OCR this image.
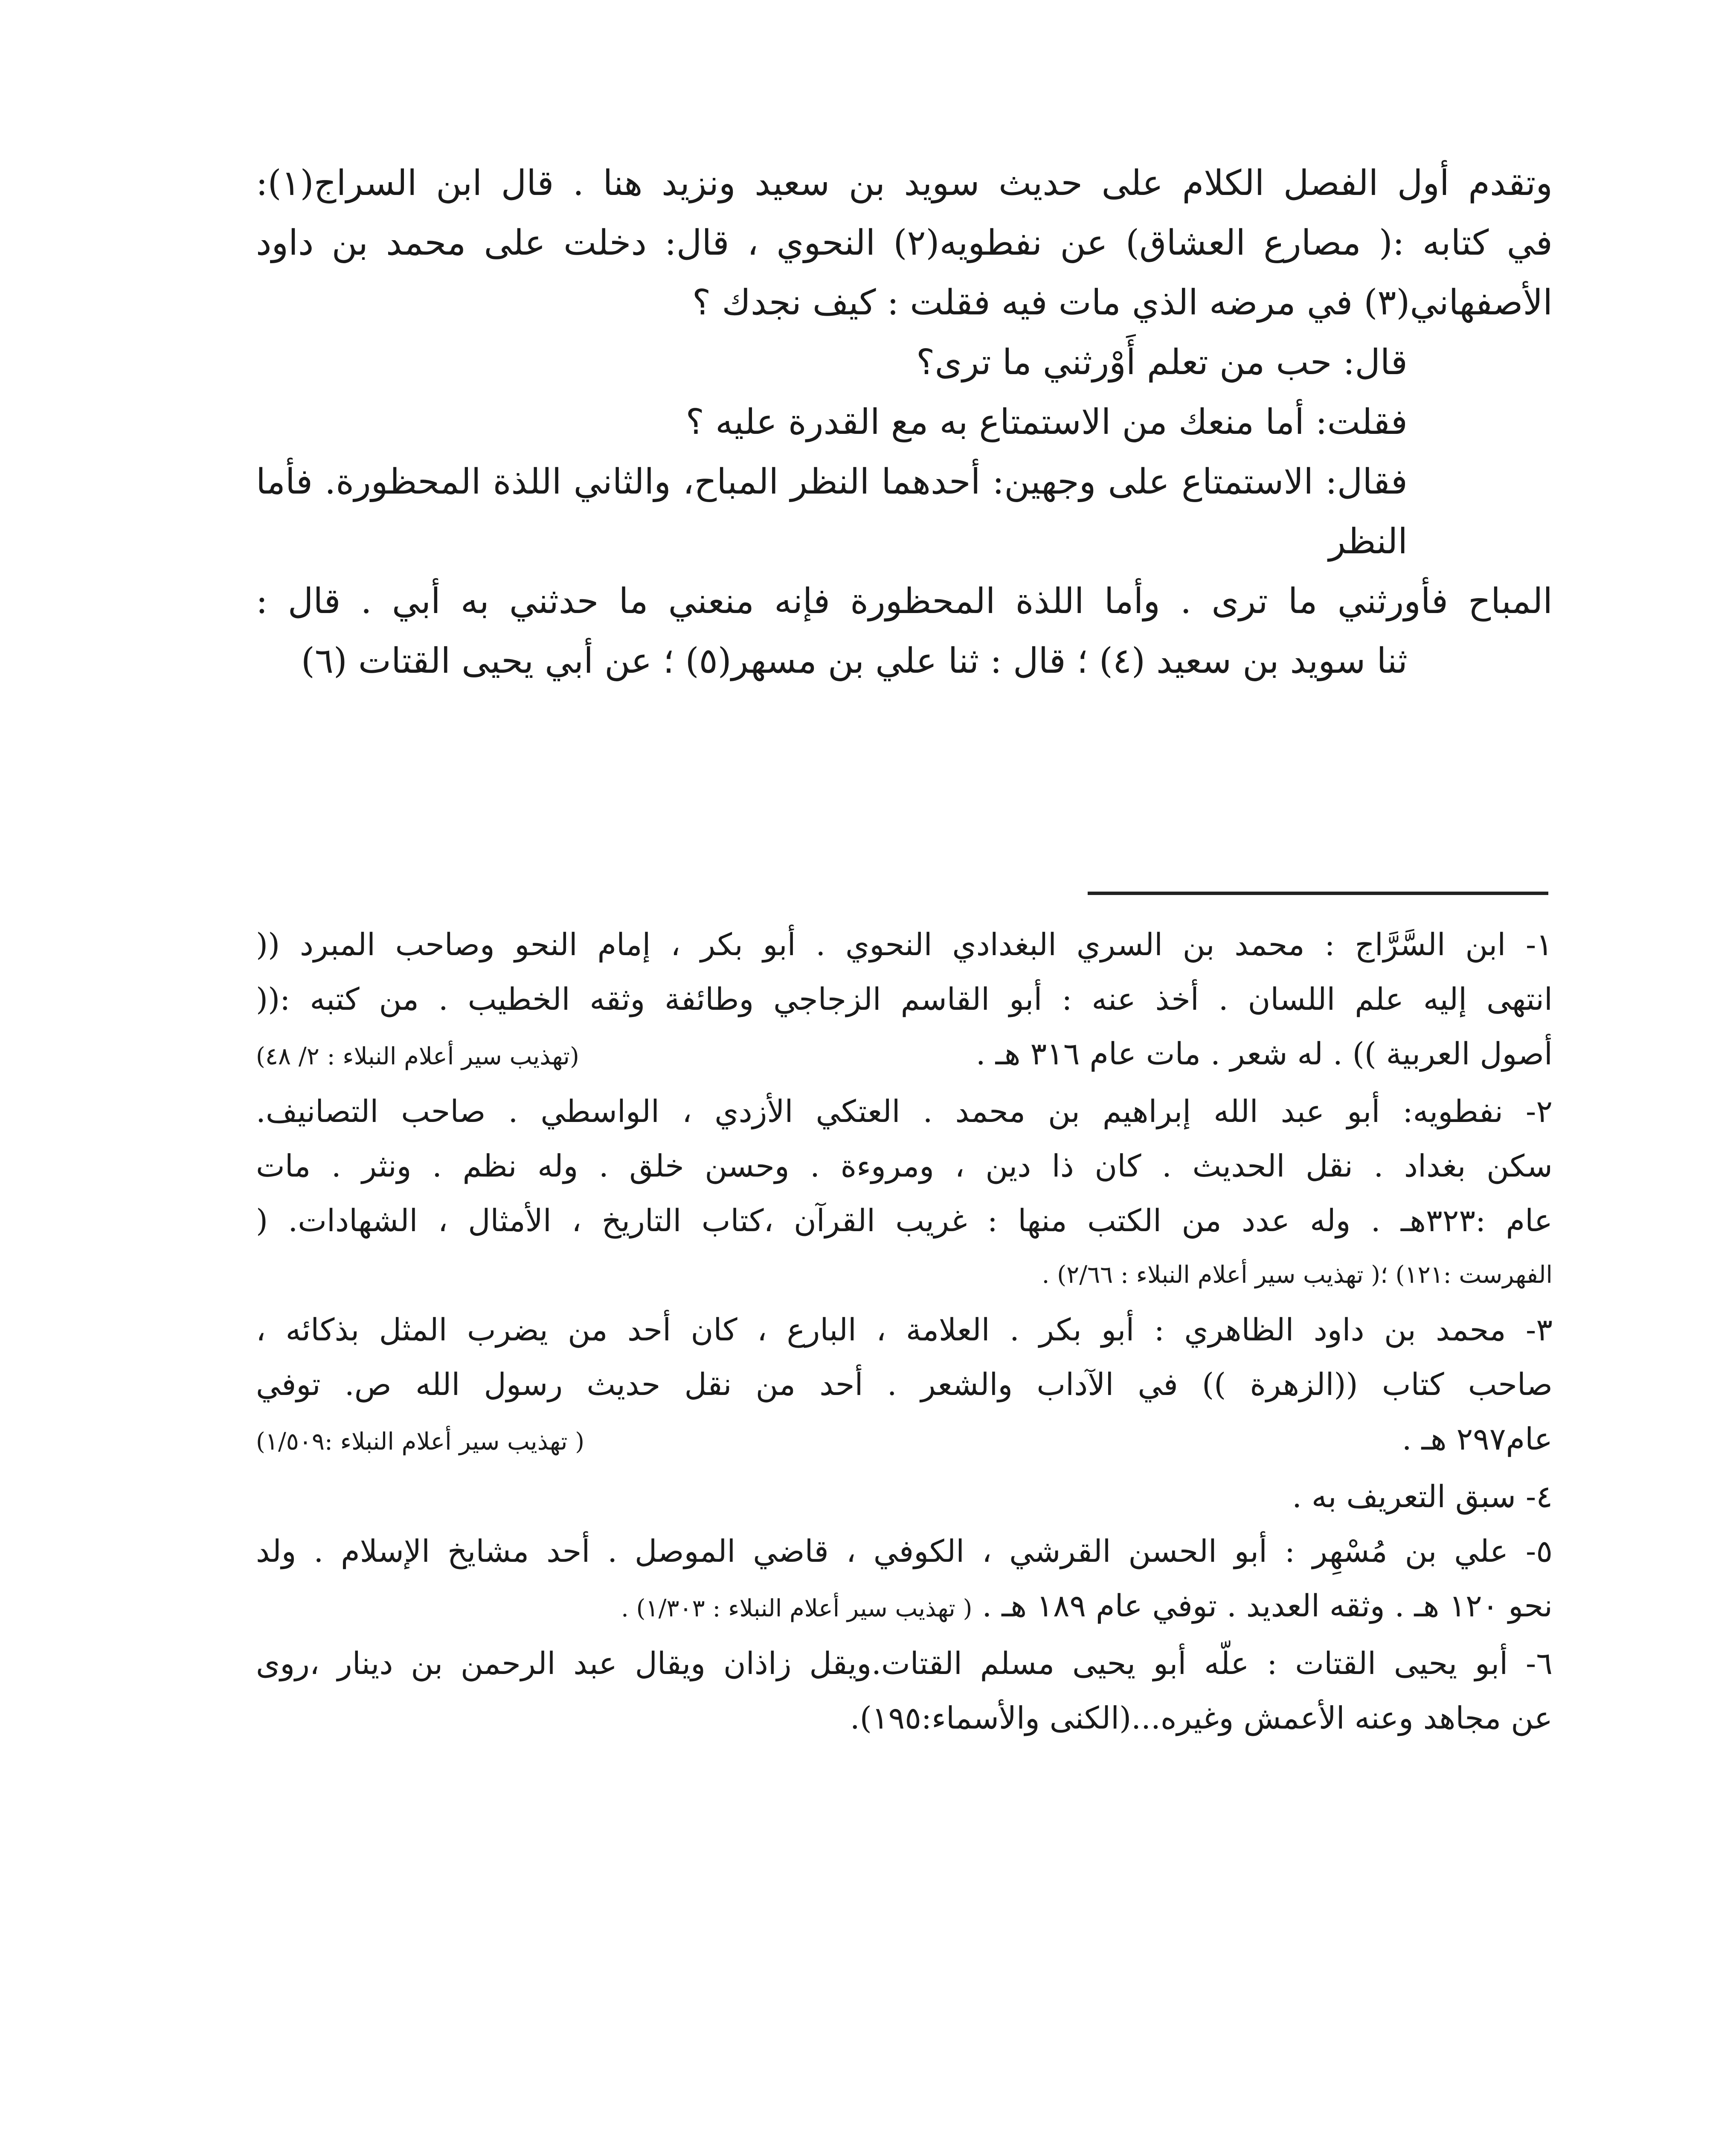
وتقدم أول الفصل الكلام على حديث سويد بن سعيد ونزيد هنا . قال ابن السراج(١):

في كتابه :( مصارع العشاق) عن نفطويه(٢) النحوي ، قال: دخلت على محمد بن داود

الأصفهاني(٣) في مرضه الذي مات فيه فقلت : كيف نجدك ؟

قال: حب من تعلم أَوْرثني ما ترى؟

فقلت: أما منعك من الاستمتاع به مع القدرة عليه ؟

فقال: الاستمتاع على وجهين: أحدهما النظر المباح، والثاني اللذة المحظورة. فأما النظر

المباح فأورثني ما ترى . وأما اللذة المحظورة فإنه منعني ما حدثني به أبي . قال :

ثنا سويد بن سعيد (٤) ؛ قال : ثنا علي بن مسهر(٥) ؛ عن أبي يحيى القتات (٦)

١- ابن السَّرَّاج : محمد بن السري البغدادي النحوي . أبو بكر ، إمام النحو وصاحب المبرد ((

انتهى إليه علم اللسان . أخذ عنه : أبو القاسم الزجاجي وطائفة وثقه الخطيب . من كتبه :((

أصول العربية )) . له شعر . مات عام ٣١٦ هـ .
(تهذيب سير أعلام النبلاء : ٢/ ٤٨)

٢- نفطويه: أبو عبد الله إبراهيم بن محمد . العتكي الأزدي ، الواسطي . صاحب التصانيف.

سكن بغداد . نقل الحديث . كان ذا دين ، ومروءة . وحسن خلق . وله نظم . ونثر . مات

عام :٣٢٣هـ . وله عدد من الكتب منها : غريب القرآن ،كتاب التاريخ ، الأمثال ، الشهادات. (

الفهرست :١٢١) ؛( تهذيب سير أعلام النبلاء : ٢/٦٦) .

٣- محمد بن داود الظاهري : أبو بكر . العلامة ، البارع ، كان أحد من يضرب المثل بذكائه ،

صاحب كتاب ((الزهرة )) في الآداب والشعر . أحد من نقل حديث رسول الله ص. توفي

عام٢٩٧ هـ .
( تهذيب سير أعلام النبلاء :١/٥٠٩)

٤- سبق التعريف به .

٥- علي بن مُسْهِر : أبو الحسن القرشي ، الكوفي ، قاضي الموصل . أحد مشايخ الإسلام . ولد

نحو ١٢٠ هـ . وثقه العديد . توفي عام ١٨٩ هـ . ( تهذيب سير أعلام النبلاء : ١/٣٠٣) .

٦- أبو يحيى القتات : علّه أبو يحيى مسلم القتات.ويقل زاذان ويقال عبد الرحمن بن دينار ،روى

عن مجاهد وعنه الأعمش وغيره...(الكنى والأسماء:١٩٥).
